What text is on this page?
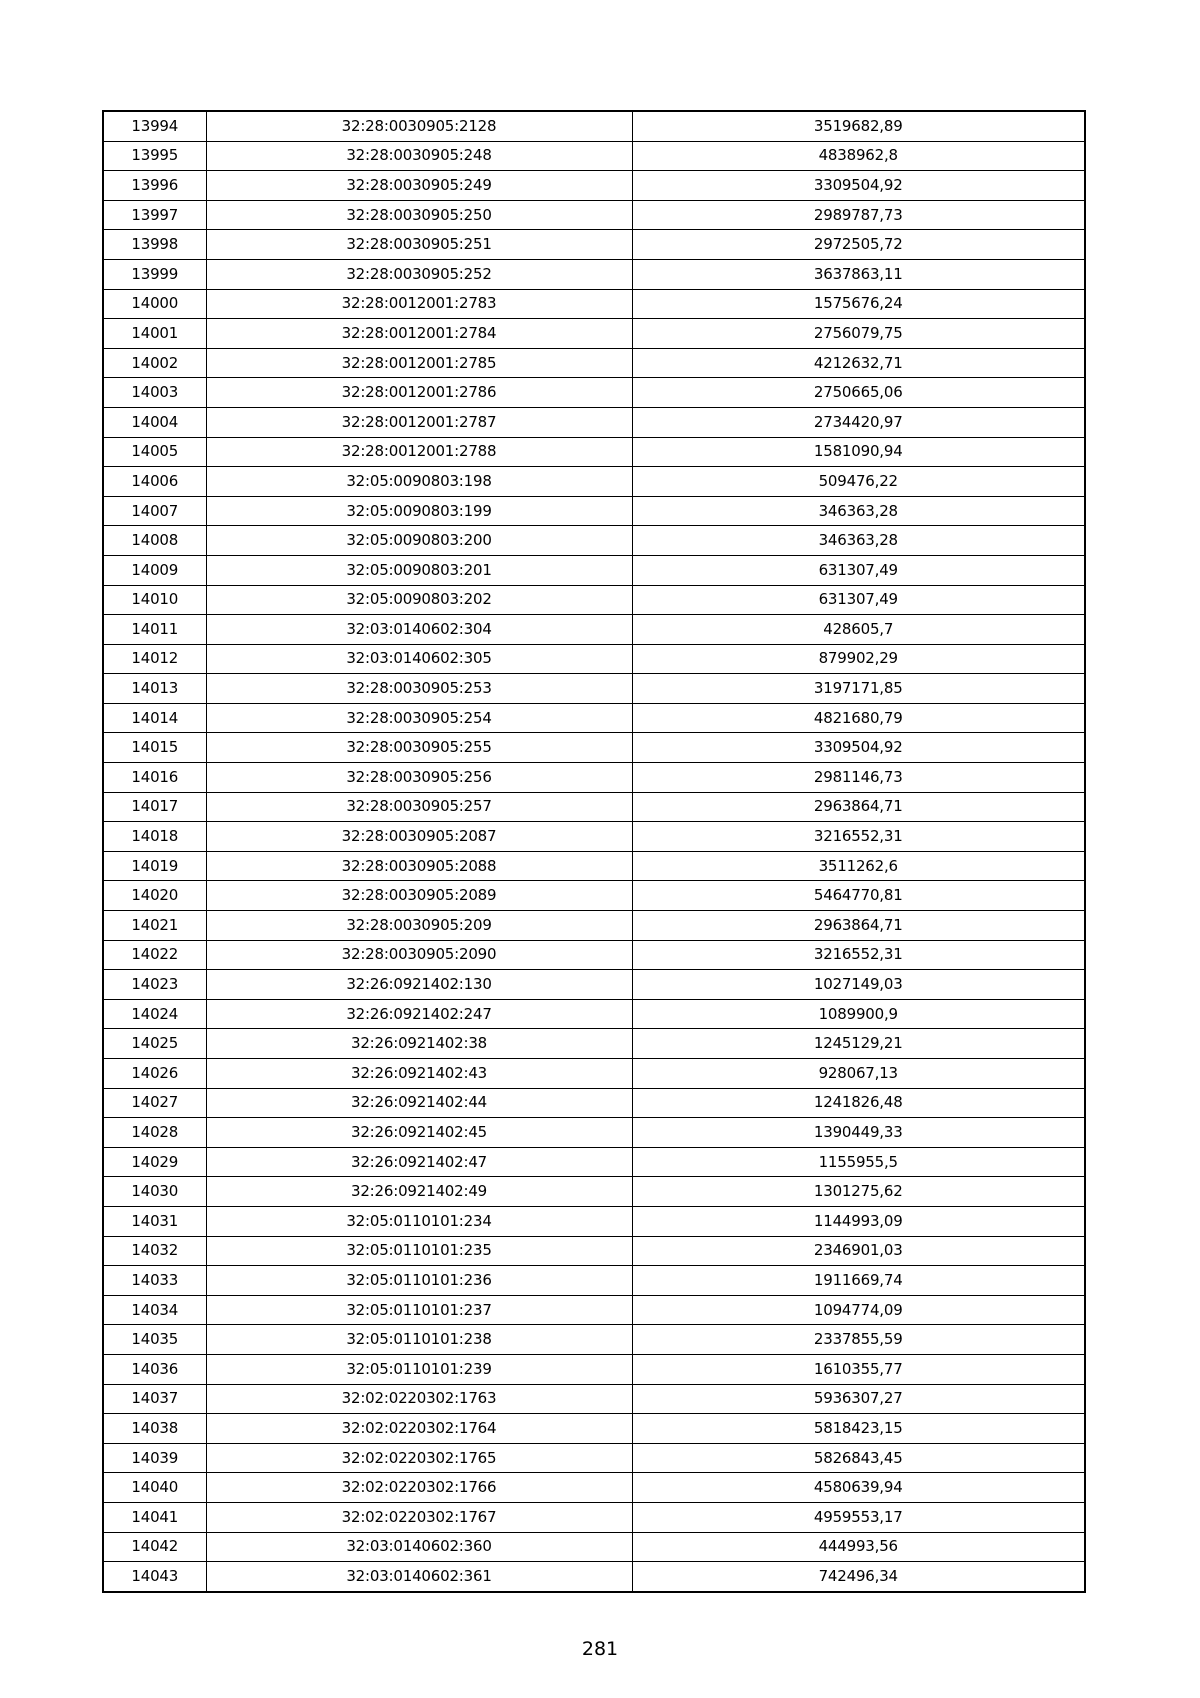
13994	32:28:0030905:2128	3519682,89
13995	32:28:0030905:248	4838962,8
13996	32:28:0030905:249	3309504,92
13997	32:28:0030905:250	2989787,73
13998	32:28:0030905:251	2972505,72
13999	32:28:0030905:252	3637863,11
14000	32:28:0012001:2783	1575676,24
14001	32:28:0012001:2784	2756079,75
14002	32:28:0012001:2785	4212632,71
14003	32:28:0012001:2786	2750665,06
14004	32:28:0012001:2787	2734420,97
14005	32:28:0012001:2788	1581090,94
14006	32:05:0090803:198	509476,22
14007	32:05:0090803:199	346363,28
14008	32:05:0090803:200	346363,28
14009	32:05:0090803:201	631307,49
14010	32:05:0090803:202	631307,49
14011	32:03:0140602:304	428605,7
14012	32:03:0140602:305	879902,29
14013	32:28:0030905:253	3197171,85
14014	32:28:0030905:254	4821680,79
14015	32:28:0030905:255	3309504,92
14016	32:28:0030905:256	2981146,73
14017	32:28:0030905:257	2963864,71
14018	32:28:0030905:2087	3216552,31
14019	32:28:0030905:2088	3511262,6
14020	32:28:0030905:2089	5464770,81
14021	32:28:0030905:209	2963864,71
14022	32:28:0030905:2090	3216552,31
14023	32:26:0921402:130	1027149,03
14024	32:26:0921402:247	1089900,9
14025	32:26:0921402:38	1245129,21
14026	32:26:0921402:43	928067,13
14027	32:26:0921402:44	1241826,48
14028	32:26:0921402:45	1390449,33
14029	32:26:0921402:47	1155955,5
14030	32:26:0921402:49	1301275,62
14031	32:05:0110101:234	1144993,09
14032	32:05:0110101:235	2346901,03
14033	32:05:0110101:236	1911669,74
14034	32:05:0110101:237	1094774,09
14035	32:05:0110101:238	2337855,59
14036	32:05:0110101:239	1610355,77
14037	32:02:0220302:1763	5936307,27
14038	32:02:0220302:1764	5818423,15
14039	32:02:0220302:1765	5826843,45
14040	32:02:0220302:1766	4580639,94
14041	32:02:0220302:1767	4959553,17
14042	32:03:0140602:360	444993,56
14043	32:03:0140602:361	742496,34
281
